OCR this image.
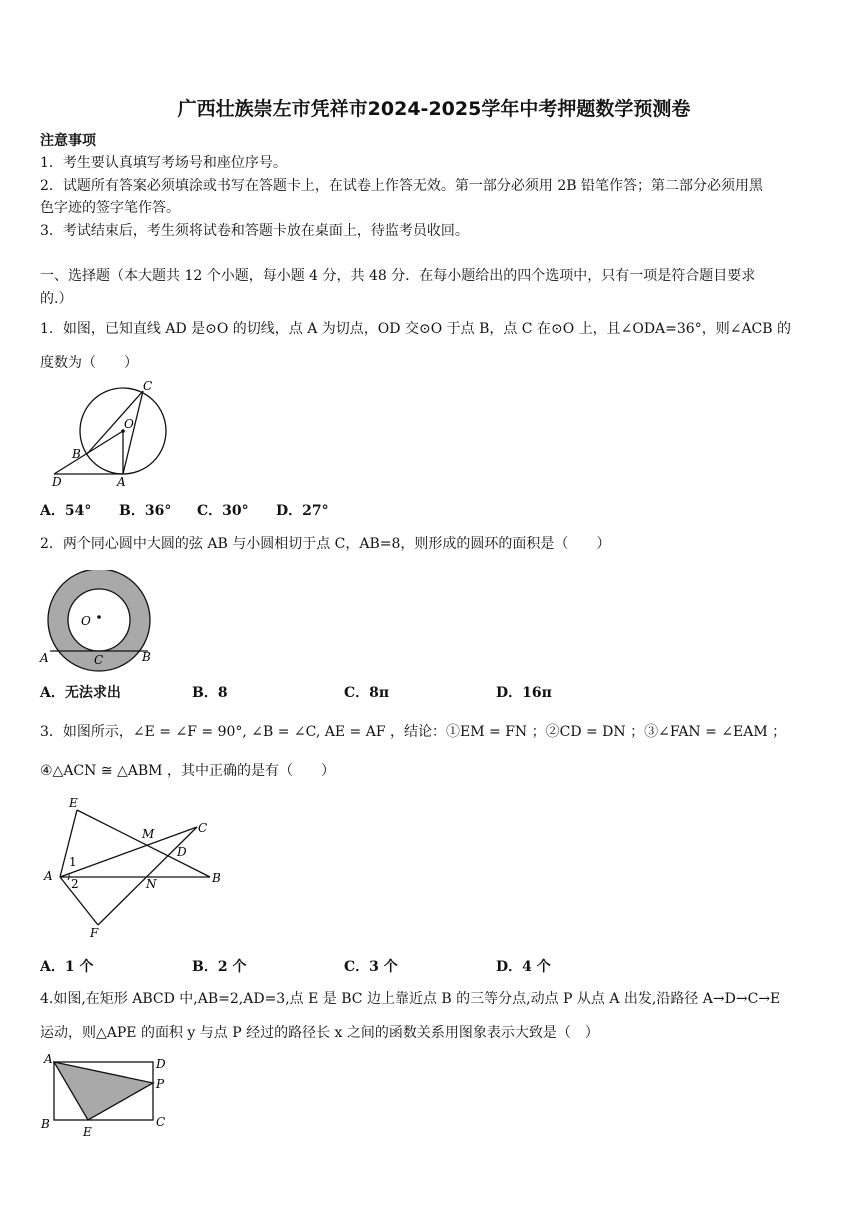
广西壮族崇左市凭祥市2024-2025学年中考押题数学预测卷
注意事项
1．考生要认真填写考场号和座位序号。
2．试题所有答案必须填涂或书写在答题卡上，在试卷上作答无效。第一部分必须用 2B 铅笔作答；第二部分必须用黑
色字迹的签字笔作答。
3．考试结束后，考生须将试卷和答题卡放在桌面上，待监考员收回。
一、选择题（本大题共 12 个小题，每小题 4 分，共 48 分．在每小题给出的四个选项中，只有一项是符合题目要求
的.）
1．如图，已知直线 AD 是⊙O 的切线，点 A 为切点，OD 交⊙O 于点 B，点 C 在⊙O 上，且∠ODA=36°，则∠ACB 的
度数为（　　）
C
O
B
D	A
A．54° B．36° C．30° D．27°
2．两个同心圆中大圆的弦 AB 与小圆相切于点 C，AB=8，则形成的圆环的面积是（　　）
O
A	C	B
A．无法求出	B．8	C．8π	D．16π
3．如图所示，∠E = ∠F = 90°, ∠B = ∠C, AE = AF ，结论：①EM = FN ；②CD = DN ；③∠FAN = ∠EAM ；
④△ACN ≅ △ABM ，其中正确的是有（　　）
E
M	C
D
A
1
2	N	B
F
A．1 个	B．2 个	C．3 个	D．4 个
4.如图,在矩形 ABCD 中,AB=2,AD=3,点 E 是 BC 边上靠近点 B 的三等分点,动点 P 从点 A 出发,沿路径 A→D→C→E
运动，则△APE 的面积 y 与点 P 经过的路径长 x 之间的函数关系用图象表示大致是（　）
A	D
P
B
E
C
